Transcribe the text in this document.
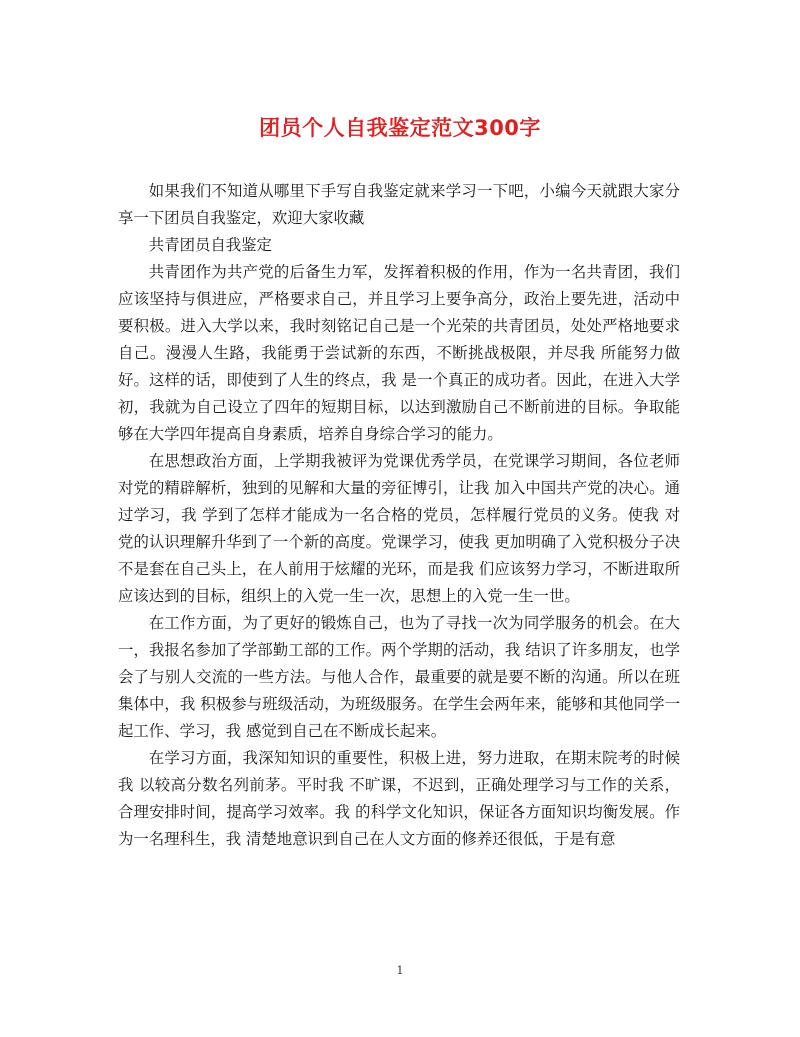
团员个人自我鉴定范文300字

如果我们不知道从哪里下手写自我鉴定就来学习一下吧，小编今天就跟大家分享一下团员自我鉴定，欢迎大家收藏

共青团员自我鉴定

共青团作为共产党的后备生力军，发挥着积极的作用，作为一名共青团，我们应该坚持与俱进应，严格要求自己，并且学习上要争高分，政治上要先进，活动中要积极。进入大学以来，我时刻铭记自己是一个光荣的共青团员，处处严格地要求自己。漫漫人生路，我能勇于尝试新的东西，不断挑战极限，并尽我 所能努力做好。这样的话，即使到了人生的终点，我 是一个真正的成功者。因此，在进入大学初，我就为自己设立了四年的短期目标，以达到激励自己不断前进的目标。争取能够在大学四年提高自身素质，培养自身综合学习的能力。

在思想政治方面，上学期我被评为党课优秀学员，在党课学习期间，各位老师对党的精辟解析，独到的见解和大量的旁征博引，让我 加入中国共产党的决心。通过学习，我 学到了怎样才能成为一名合格的党员，怎样履行党员的义务。使我 对党的认识理解升华到了一个新的高度。党课学习，使我 更加明确了入党积极分子决不是套在自己头上，在人前用于炫耀的光环，而是我 们应该努力学习，不断进取所应该达到的目标，组织上的入党一生一次，思想上的入党一生一世。

在工作方面，为了更好的锻炼自己，也为了寻找一次为同学服务的机会。在大一，我报名参加了学部勤工部的工作。两个学期的活动，我 结识了许多朋友，也学会了与别人交流的一些方法。与他人合作，最重要的就是要不断的沟通。所以在班集体中，我 积极参与班级活动，为班级服务。在学生会两年来，能够和其他同学一起工作、学习，我 感觉到自己在不断成长起来。

在学习方面，我深知知识的重要性，积极上进，努力进取，在期末院考的时候我 以较高分数名列前茅。平时我 不旷课，不迟到，正确处理学习与工作的关系，合理安排时间，提高学习效率。我 的科学文化知识，保证各方面知识均衡发展。作为一名理科生，我 清楚地意识到自己在人文方面的修养还很低，于是有意

1
